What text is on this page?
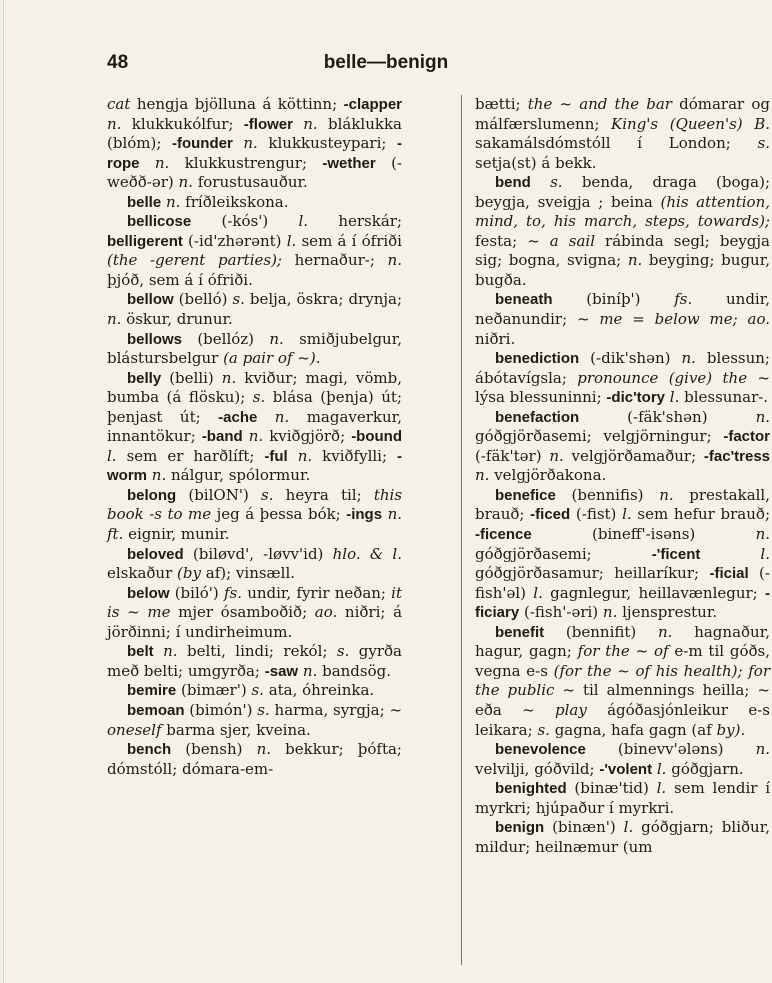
48	belle—benign

cat hengja bjölluna á köttinn; -clapper n. klukkukólfur; -flower n. bláklukka (blóm); -founder n. klukkusteypari; -rope n. klukkustrengur; -wether (-weðð-ər) n. forustusauður.

belle n. fríðleikskona.

bellicose (-kós') l. herskár; belligerent (-id'zhərənt) l. sem á í ófriði (the -gerent parties); hernaður-; n. þjóð, sem á í ófriði.

bellow (belló) s. belja, öskra; drynja; n. öskur, drunur.

bellows (bellóz) n. smiðjubelgur, blástursbelgur (a pair of ~).

belly (belli) n. kviður; magi, vömb, bumba (á flösku); s. blása (þenja) út; þenjast út; -ache n. magaverkur, innantökur; -band n. kviðgjörð; -bound l. sem er harðlíft; -ful n. kviðfylli; -worm n. nálgur, spólormur.

belong (bilON') s. heyra til; this book -s to me jeg á þessa bók; -ings n. ft. eignir, munir.

beloved (biløvd', -løvv'id) hlo. & l. elskaður (by af); vinsæll.

below (biló') fs. undir, fyrir neðan; it is ~ me mjer ósamboðið; ao. niðri; á jörðinni; í undirheimum.

belt n. belti, lindi; rekól; s. gyrða með belti; umgyrða; -saw n. bandsög.

bemire (bimær') s. ata, óhreinka.

bemoan (bimón') s. harma, syrgja; ~ oneself barma sjer, kveina.

bench (bensh) n. bekkur; þófta; dómstóll; dómara-em-

bætti; the ~ and the bar dómarar og málfærslumenn; King's (Queen's) B. sakamálsdómstóll í London; s. setja(st) á bekk.

bend s. benda, draga (boga); beygja, sveigja ; beina (his attention, mind, to, his march, steps, towards); festa; ~ a sail rábinda segl; beygja sig; bogna, svigna; n. beyging; bugur, bugða.

beneath (biníþ') fs. undir, neðanundir; ~ me = below me; ao. niðri.

benediction (-dik'shən) n. blessun; ábótavígsla; pronounce (give) the ~ lýsa blessuninni; -dic'tory l. blessunar-.

benefaction (-fäk'shən) n. góðgjörðasemi; velgjörningur; -factor (-fäk'tər) n. velgjörðamaður; -fac'tress n. velgjörðakona.

benefice (bennifis) n. prestakall, brauð; -ficed (-fist) l. sem hefur brauð; -ficence (bineff'-isəns) n. góðgjörðasemi; -'ficent	l. góðgjörðasamur; heillaríkur; -ficial (-fish'əl) l. gagnlegur, heillavænlegur; -ficiary (-fish'-əri) n. ljensprestur.

benefit (bennifit) n. hagnaður, hagur, gagn; for the ~ of e-m til góðs, vegna e-s (for the ~ of his health); for the public ~ til almennings heilla; ~ eða ~ play ágóðasjónleikur e-s leikara; s. gagna, hafa gagn (af by).

benevolence (binevv'ələns) n. velvilji, góðvild; -'volent l. góðgjarn.

benighted (binæ'tid) l. sem lendir í myrkri; hjúpaður í myrkri.

benign (binæn') l. góðgjarn; bliður, mildur; heilnæmur (um
